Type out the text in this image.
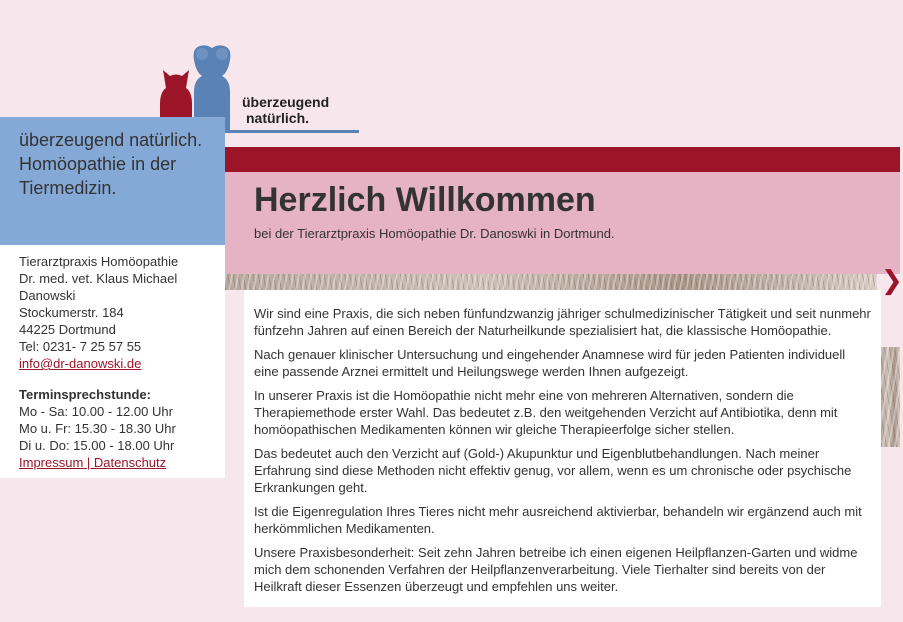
überzeugend
natürlich.
überzeugend natürlich.
Homöopathie in der
Tiermedizin.
Tierarztpraxis Homöopathie
Dr. med. vet. Klaus Michael
Danowski
Stockumerstr. 184
44225 Dortmund
Tel: 0231- 7 25 57 55
info@dr-danowski.de
Terminsprechstunde:
Mo - Sa: 10.00 - 12.00 Uhr
Mo u. Fr: 15.30 - 18.30 Uhr
Di u. Do: 15.00 - 18.00 Uhr
Impressum | Datenschutz
Herzlich Willkommen
bei der Tierarztpraxis Homöopathie Dr. Danoswki in Dortmund.
❯

Wir sind eine Praxis, die sich neben fünfundzwanzig jähriger schulmedizinischer Tätigkeit und seit nunmehr fünfzehn Jahren auf einen Bereich der Naturheilkunde spezialisiert hat, die klassische Homöopathie.

Nach genauer klinischer Untersuchung und eingehender Anamnese wird für jeden Patienten individuell eine passende Arznei ermittelt und Heilungswege werden Ihnen aufgezeigt.

In unserer Praxis ist die Homöopathie nicht mehr eine von mehreren Alternativen, sondern die Therapiemethode erster Wahl. Das bedeutet z.B. den weitgehenden Verzicht auf Antibiotika, denn mit homöopathischen Medikamenten können wir gleiche Therapieerfolge sicher stellen.

Das bedeutet auch den Verzicht auf (Gold-) Akupunktur und Eigenblutbehandlungen. Nach meiner Erfahrung sind diese Methoden nicht effektiv genug, vor allem, wenn es um chronische oder psychische Erkrankungen geht.

Ist die Eigenregulation Ihres Tieres nicht mehr ausreichend aktivierbar, behandeln wir ergänzend auch mit herkömmlichen Medikamenten.

Unsere Praxisbesonderheit: Seit zehn Jahren betreibe ich einen eigenen Heilpflanzen-Garten und widme mich dem schonenden Verfahren der Heilpflanzenverarbeitung. Viele Tierhalter sind bereits von der Heilkraft dieser Essenzen überzeugt und empfehlen uns weiter.
